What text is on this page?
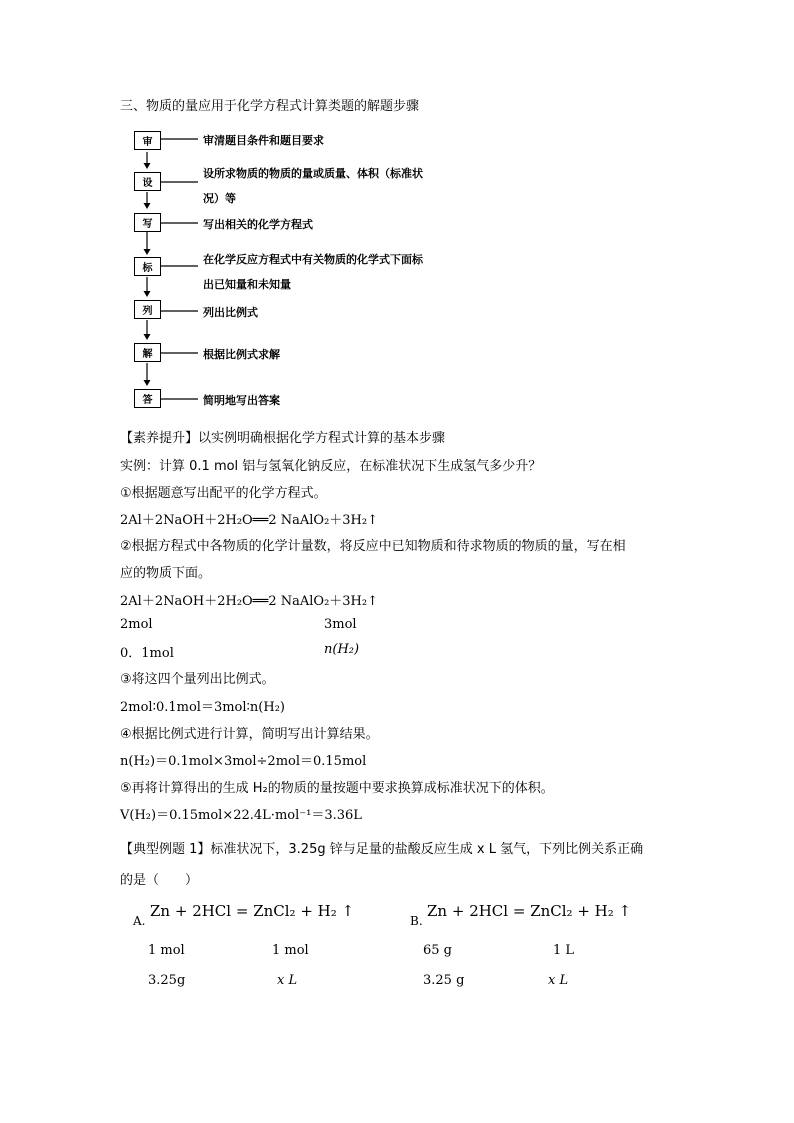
三、物质的量应用于化学方程式计算类题的解题步骤
审
设
写
标
列
解
答
审清题目条件和题目要求
设所求物质的物质的量或质量、体积（标准状
况）等
写出相关的化学方程式
在化学反应方程式中有关物质的化学式下面标
出已知量和未知量
列出比例式
根据比例式求解
简明地写出答案
【素养提升】以实例明确根据化学方程式计算的基本步骤
实例：计算 0.1 mol 铝与氢氧化钠反应，在标准状况下生成氢气多少升？
①根据题意写出配平的化学方程式。
2Al＋2NaOH＋2H₂O══2 NaAlO₂＋3H₂↑
②根据方程式中各物质的化学计量数，将反应中已知物质和待求物质的物质的量，写在相
应的物质下面。
2Al＋2NaOH＋2H₂O══2 NaAlO₂＋3H₂↑
2mol	3mol
0．1mol	n(H₂)
③将这四个量列出比例式。
2mol∶0.1mol＝3mol∶n(H₂)
④根据比例式进行计算，简明写出计算结果。
n(H₂)＝0.1mol×3mol÷2mol＝0.15mol
⑤再将计算得出的生成 H₂的物质的量按题中要求换算成标准状况下的体积。
V(H₂)＝0.15mol×22.4L·mol⁻¹＝3.36L
【典型例题 1】标准状况下，3.25g 锌与足量的盐酸反应生成 x L 氢气，下列比例关系正确
的是（　　）
A.
Zn + 2HCl = ZnCl₂ + H₂ ↑
1 mol	1 mol
3.25g	x L
B.
Zn + 2HCl = ZnCl₂ + H₂ ↑
65 g	1 L
3.25 g	x L
